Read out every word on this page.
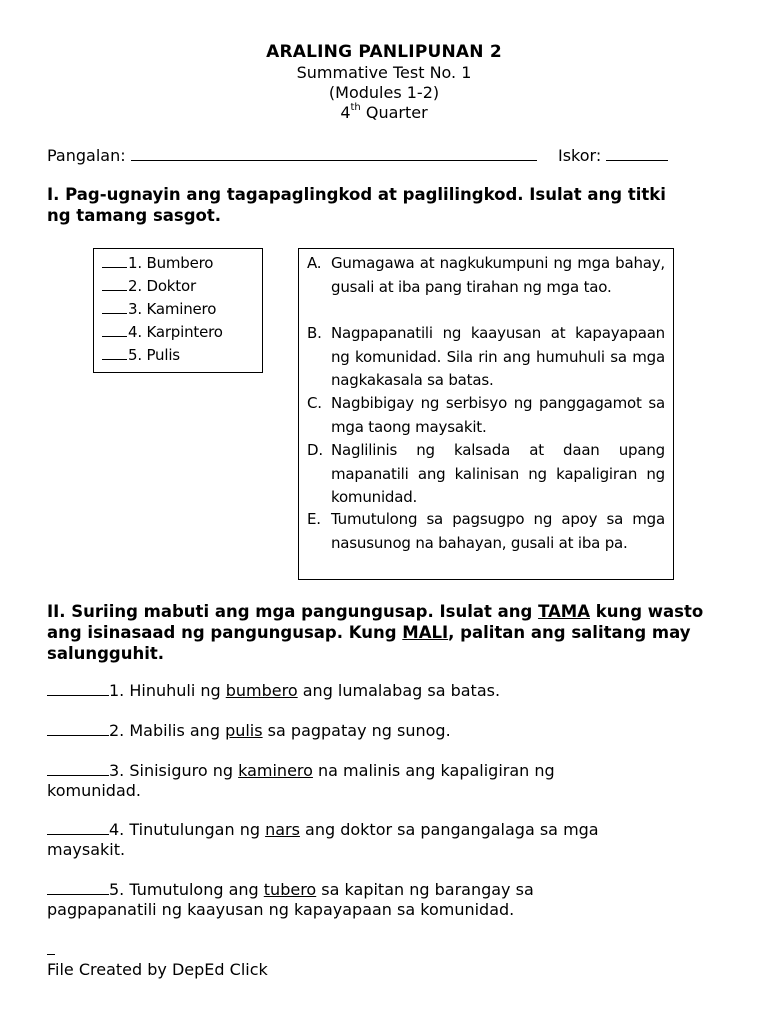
ARALING PANLIPUNAN 2
Summative Test No. 1
(Modules 1-2)
4th Quarter
Pangalan:	Iskor:
I. Pag-ugnayin ang tagapaglingkod at paglilingkod. Isulat ang titki ng tamang sasgot.
1. Bumbero
2. Doktor
3. Kaminero
4. Karpintero
5. Pulis
A. Gumagawa at nagkukumpuni ng mga bahay, gusali at iba pang tirahan ng mga tao.
B. Nagpapanatili ng kaayusan at kapayapaan ng komunidad. Sila rin ang humuhuli sa mga nagkakasala sa batas.
C. Nagbibigay ng serbisyo ng panggagamot sa mga taong maysakit.
D. Naglilinis ng kalsada at daan upang mapanatili ang kalinisan ng kapaligiran ng komunidad.
E. Tumutulong sa pagsugpo ng apoy sa mga nasusunog na bahayan, gusali at iba pa.
II. Suriing mabuti ang mga pangungusap. Isulat ang TAMA kung wasto ang isinasaad ng pangungusap. Kung MALI, palitan ang salitang may salungguhit.
1. Hinuhuli ng bumbero ang lumalabag sa batas.
2. Mabilis ang pulis sa pagpatay ng sunog.
3. Sinisiguro ng kaminero na malinis ang kapaligiran ng komunidad.
4. Tinutulungan ng nars ang doktor sa pangangalaga sa mga maysakit.
5. Tumutulong ang tubero sa kapitan ng barangay sa pagpapanatili ng kaayusan ng kapayapaan sa komunidad.
File Created by DepEd Click
